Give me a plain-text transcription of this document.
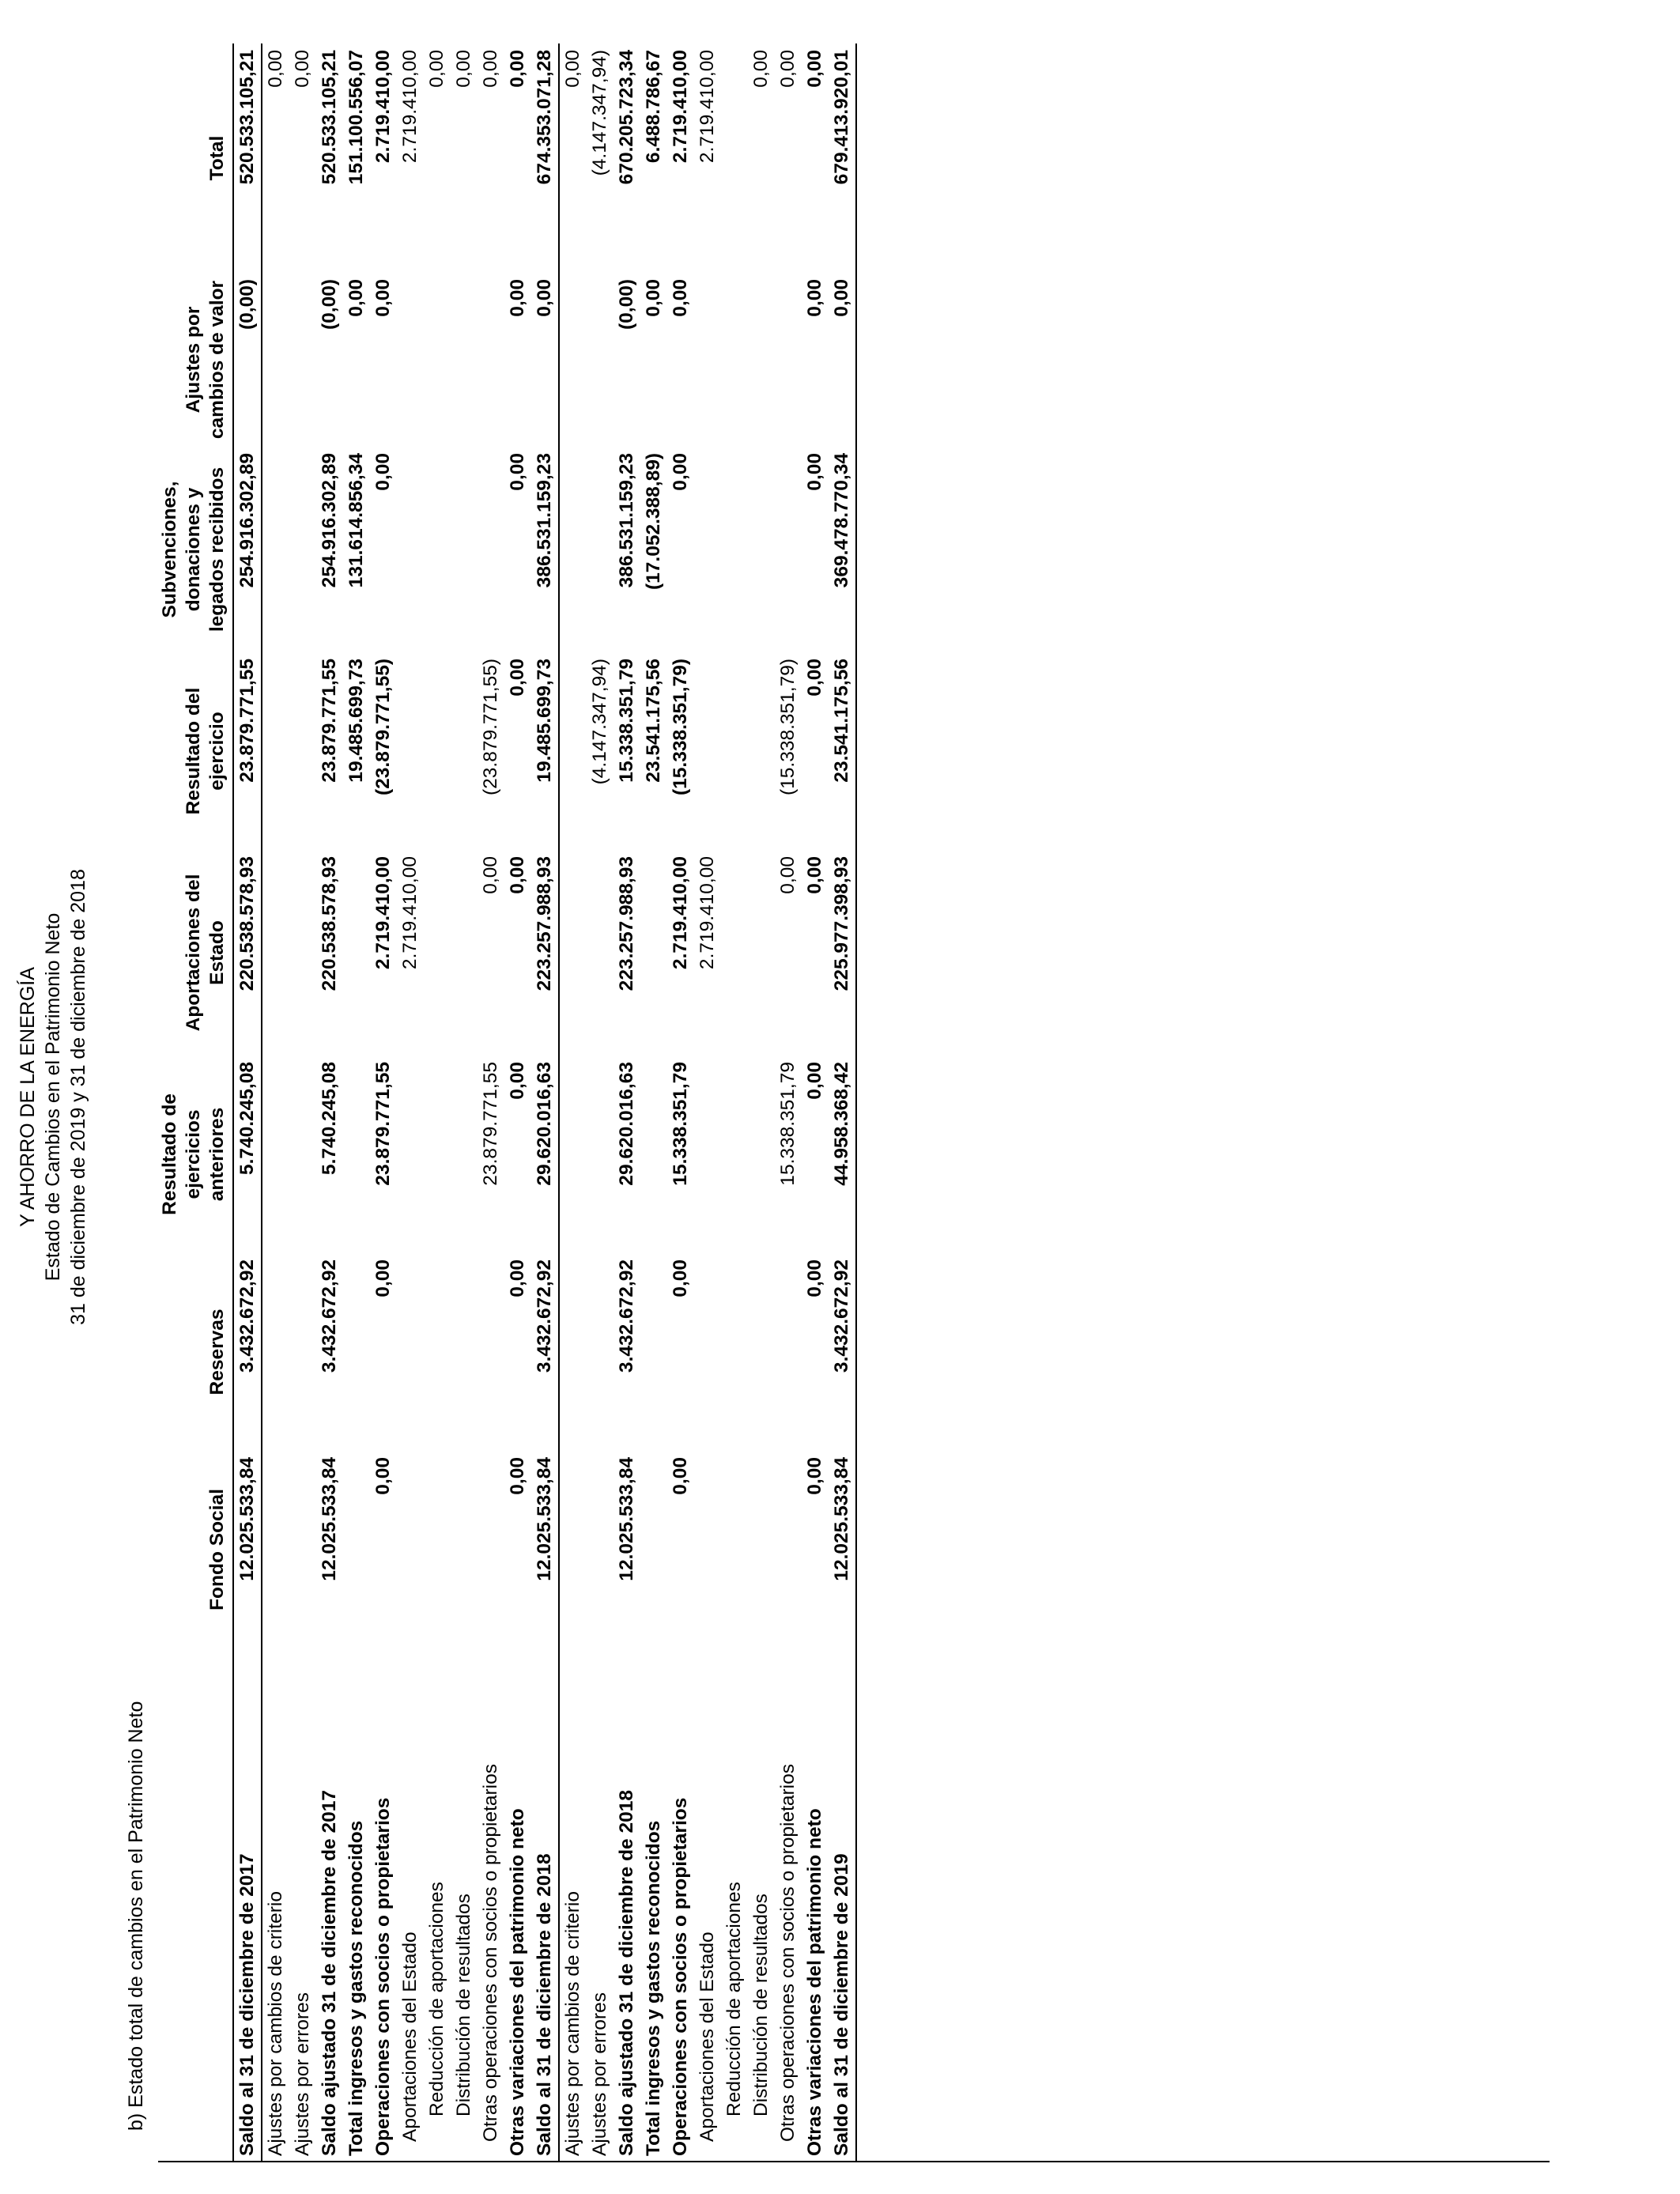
Y AHORRO DE LA ENERGÍA Estado de Cambios en el Patrimonio Neto 31 de diciembre de 2019 y 31 de diciembre de 2018
b) Estado total de cambios en el Patrimonio Neto
	Fondo Social	Reservas	Resultado de ejercicios anteriores	Aportaciones del Estado	Resultado del ejercicio	Subvenciones, donaciones y legados recibidos	Ajustes por cambios de valor	Total
Saldo al 31 de diciembre de 2017	12.025.533,84	3.432.672,92	5.740.245,08	220.538.578,93	23.879.771,55	254.916.302,89	(0,00)	520.533.105,21
Ajustes por cambios de criterio								0,00
Ajustes por errores								0,00
Saldo ajustado 31 de diciembre de 2017	12.025.533,84	3.432.672,92	5.740.245,08	220.538.578,93	23.879.771,55	254.916.302,89	(0,00)	520.533.105,21
Total ingresos y gastos reconocidos					19.485.699,73	131.614.856,34	0,00	151.100.556,07
Operaciones con socios o propietarios	0,00	0,00	23.879.771,55	2.719.410,00	(23.879.771,55)	0,00	0,00	2.719.410,00
Aportaciones del Estado				2.719.410,00				2.719.410,00
Reducción de aportaciones								0,00
Distribución de resultados								0,00
Otras operaciones con socios o propietarios			23.879.771,55	0,00	(23.879.771,55)			0,00
Otras variaciones del patrimonio neto	0,00	0,00	0,00	0,00	0,00	0,00	0,00	0,00
Saldo al 31 de diciembre de 2018	12.025.533,84	3.432.672,92	29.620.016,63	223.257.988,93	19.485.699,73	386.531.159,23	0,00	674.353.071,28
Ajustes por cambios de criterio								0,00
Ajustes por errores					(4.147.347,94)			(4.147.347,94)
Saldo ajustado 31 de diciembre de 2018	12.025.533,84	3.432.672,92	29.620.016,63	223.257.988,93	15.338.351,79	386.531.159,23	(0,00)	670.205.723,34
Total ingresos y gastos reconocidos					23.541.175,56	(17.052.388,89)	0,00	6.488.786,67
Operaciones con socios o propietarios	0,00	0,00	15.338.351,79	2.719.410,00	(15.338.351,79)	0,00	0,00	2.719.410,00
Aportaciones del Estado				2.719.410,00				2.719.410,00
Reducción de aportaciones								
Distribución de resultados								0,00
Otras operaciones con socios o propietarios			15.338.351,79	0,00	(15.338.351,79)			0,00
Otras variaciones del patrimonio neto	0,00	0,00	0,00	0,00	0,00	0,00	0,00	0,00
Saldo al 31 de diciembre de 2019	12.025.533,84	3.432.672,92	44.958.368,42	225.977.398,93	23.541.175,56	369.478.770,34	0,00	679.413.920,01
